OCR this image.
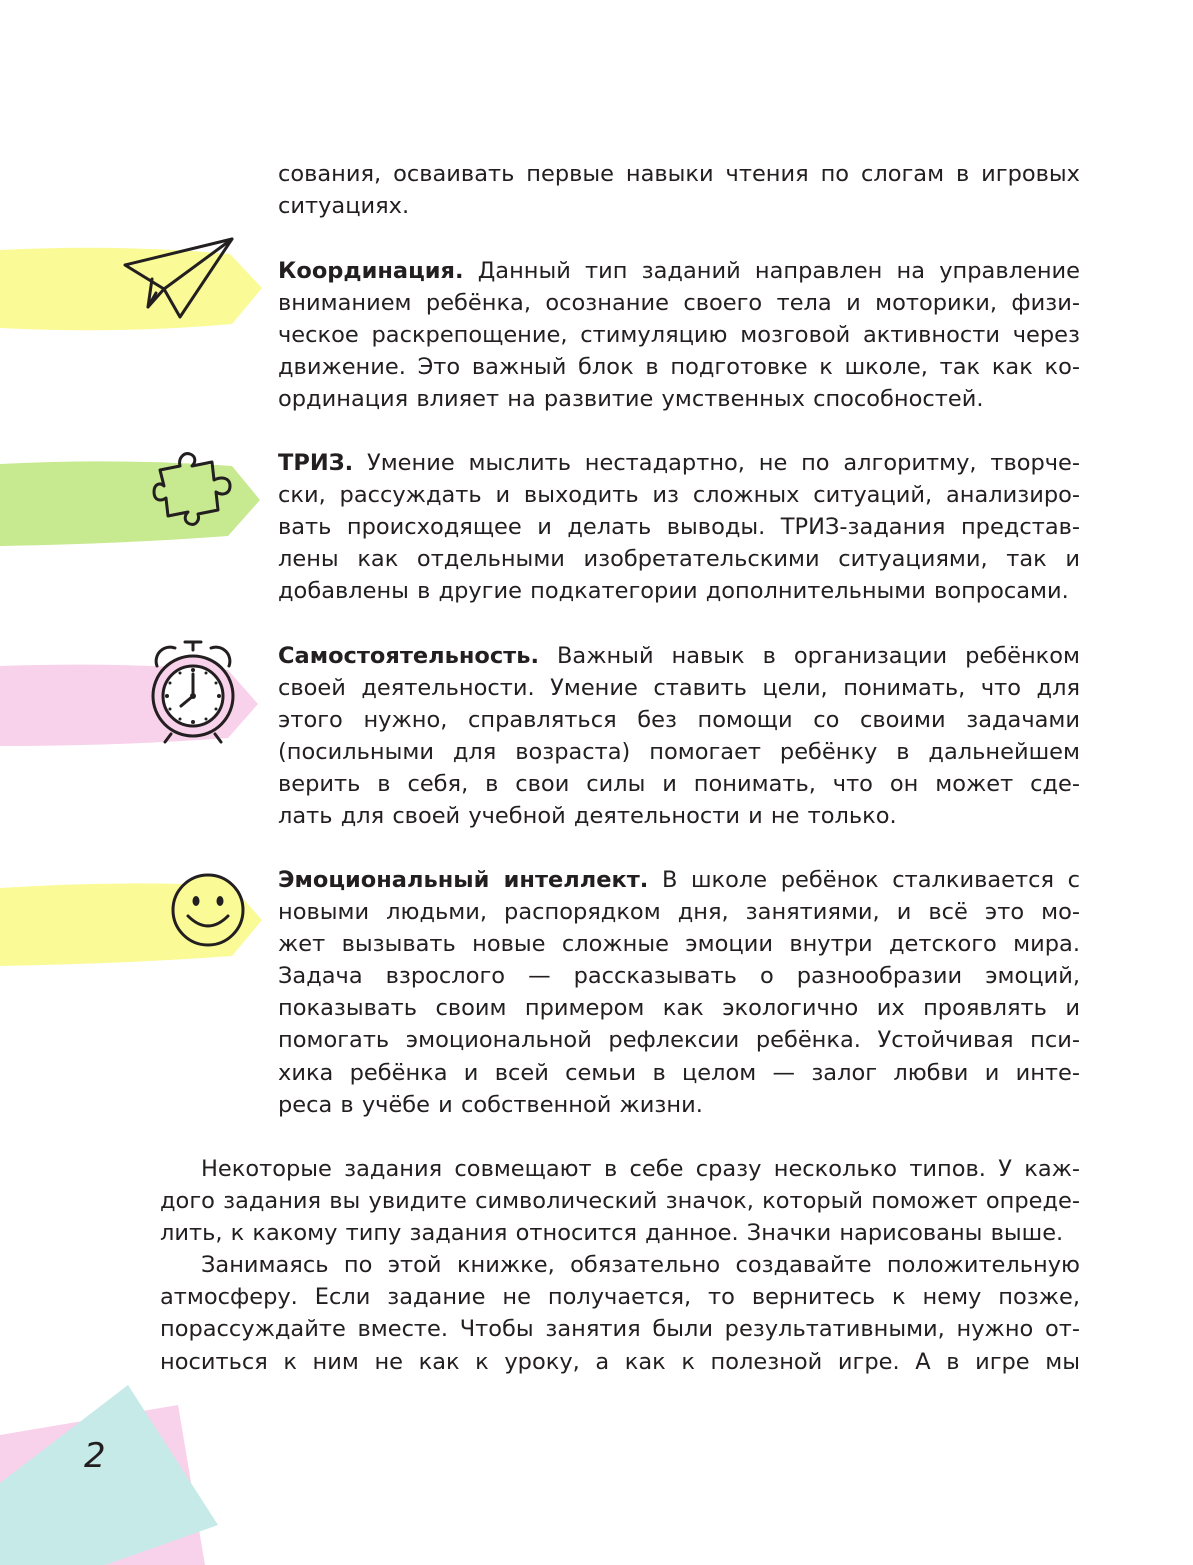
сования, осваивать первые навыки чтения по слогам в игровых
ситуациях.
Координация. Данный тип заданий направлен на управление
вниманием ребёнка, осознание своего тела и моторики, физи-
ческое раскрепощение, стимуляцию мозговой активности через
движение. Это важный блок в подготовке к школе, так как ко-
ординация влияет на развитие умственных способностей.
ТРИЗ. Умение мыслить нестадартно, не по алгоритму, творче-
ски, рассуждать и выходить из сложных ситуаций, анализиро-
вать происходящее и делать выводы. ТРИЗ-задания представ-
лены как отдельными изобретательскими ситуациями, так и
добавлены в другие подкатегории дополнительными вопросами.
Самостоятельность. Важный навык в организации ребёнком
своей деятельности. Умение ставить цели, понимать, что для
этого нужно, справляться без помощи со своими задачами
(посильными для возраста) помогает ребёнку в дальнейшем
верить в себя, в свои силы и понимать, что он может сде-
лать для своей учебной деятельности и не только.
Эмоциональный интеллект. В школе ребёнок сталкивается с
новыми людьми, распорядком дня, занятиями, и всё это мо-
жет вызывать новые сложные эмоции внутри детского мира.
Задача взрослого — рассказывать о разнообразии эмоций,
показывать своим примером как экологично их проявлять и
помогать эмоциональной рефлексии ребёнка. Устойчивая пси-
хика ребёнка и всей семьи в целом — залог любви и инте-
реса в учёбе и собственной жизни.
Некоторые задания совмещают в себе сразу несколько типов. У каж-
дого задания вы увидите символический значок, который поможет опреде-
лить, к какому типу задания относится данное. Значки нарисованы выше.
Занимаясь по этой книжке, обязательно создавайте положительную
атмосферу. Если задание не получается, то вернитесь к нему позже,
порассуждайте вместе. Чтобы занятия были результативными, нужно от-
носиться к ним не как к уроку, а как к полезной игре. А в игре мы
2
